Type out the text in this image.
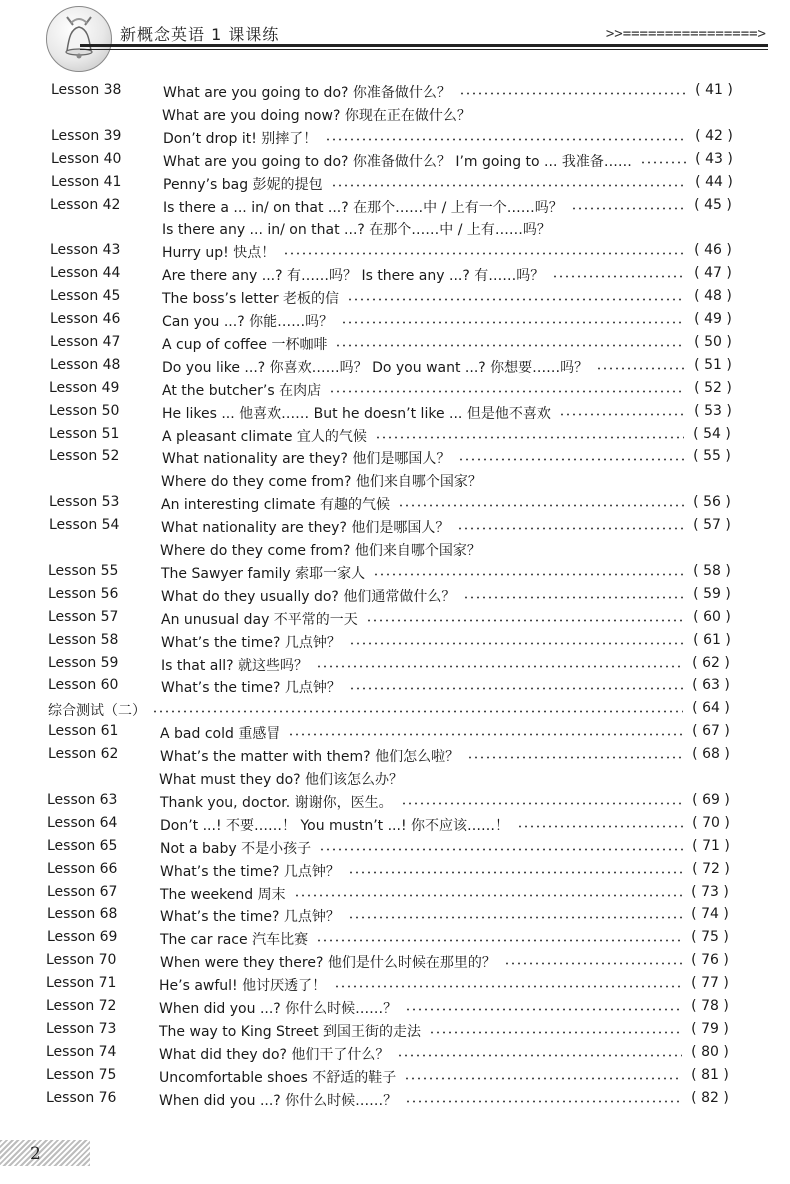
新概念英语 1 课课练	>>================>
Lesson 38	What are you going to do? 你准备做什么？	( 41 )
What are you doing now? 你现在正在做什么？
Lesson 39	Don’t drop it! 别摔了！	( 42 )
Lesson 40	What are you going to do? 你准备做什么？ I’m going to ... 我准备……	( 43 )
Lesson 41	Penny’s bag 彭妮的提包	( 44 )
Lesson 42	Is there a ... in/ on that ...? 在那个……中 / 上有一个……吗？	( 45 )
Is there any ... in/ on that ...? 在那个……中 / 上有……吗？
Lesson 43	Hurry up! 快点！	( 46 )
Lesson 44	Are there any ...? 有……吗？ Is there any ...? 有……吗？	( 47 )
Lesson 45	The boss’s letter 老板的信	( 48 )
Lesson 46	Can you ...? 你能……吗？	( 49 )
Lesson 47	A cup of coffee 一杯咖啡	( 50 )
Lesson 48	Do you like ...? 你喜欢……吗？ Do you want ...? 你想要……吗？	( 51 )
Lesson 49	At the butcher’s 在肉店	( 52 )
Lesson 50	He likes ... 他喜欢…… But he doesn’t like ... 但是他不喜欢	( 53 )
Lesson 51	A pleasant climate 宜人的气候	( 54 )
Lesson 52	What nationality are they? 他们是哪国人？	( 55 )
Where do they come from? 他们来自哪个国家？
Lesson 53	An interesting climate 有趣的气候	( 56 )
Lesson 54	What nationality are they? 他们是哪国人？	( 57 )
Where do they come from? 他们来自哪个国家？
Lesson 55	The Sawyer family 索耶一家人	( 58 )
Lesson 56	What do they usually do? 他们通常做什么？	( 59 )
Lesson 57	An unusual day 不平常的一天	( 60 )
Lesson 58	What’s the time? 几点钟？	( 61 )
Lesson 59	Is that all? 就这些吗？	( 62 )
Lesson 60	What’s the time? 几点钟？	( 63 )
综合测试（二）	( 64 )
Lesson 61	A bad cold 重感冒	( 67 )
Lesson 62	What’s the matter with them? 他们怎么啦？	( 68 )
What must they do? 他们该怎么办？
Lesson 63	Thank you, doctor. 谢谢你，医生。	( 69 )
Lesson 64	Don’t ...! 不要……！ You mustn’t ...! 你不应该……！	( 70 )
Lesson 65	Not a baby 不是小孩子	( 71 )
Lesson 66	What’s the time? 几点钟？	( 72 )
Lesson 67	The weekend 周末	( 73 )
Lesson 68	What’s the time? 几点钟？	( 74 )
Lesson 69	The car race 汽车比赛	( 75 )
Lesson 70	When were they there? 他们是什么时候在那里的？	( 76 )
Lesson 71	He’s awful! 他讨厌透了！	( 77 )
Lesson 72	When did you ...? 你什么时候……？	( 78 )
Lesson 73	The way to King Street 到国王街的走法	( 79 )
Lesson 74	What did they do? 他们干了什么？	( 80 )
Lesson 75	Uncomfortable shoes 不舒适的鞋子	( 81 )
Lesson 76	When did you ...? 你什么时候……？	( 82 )
2
